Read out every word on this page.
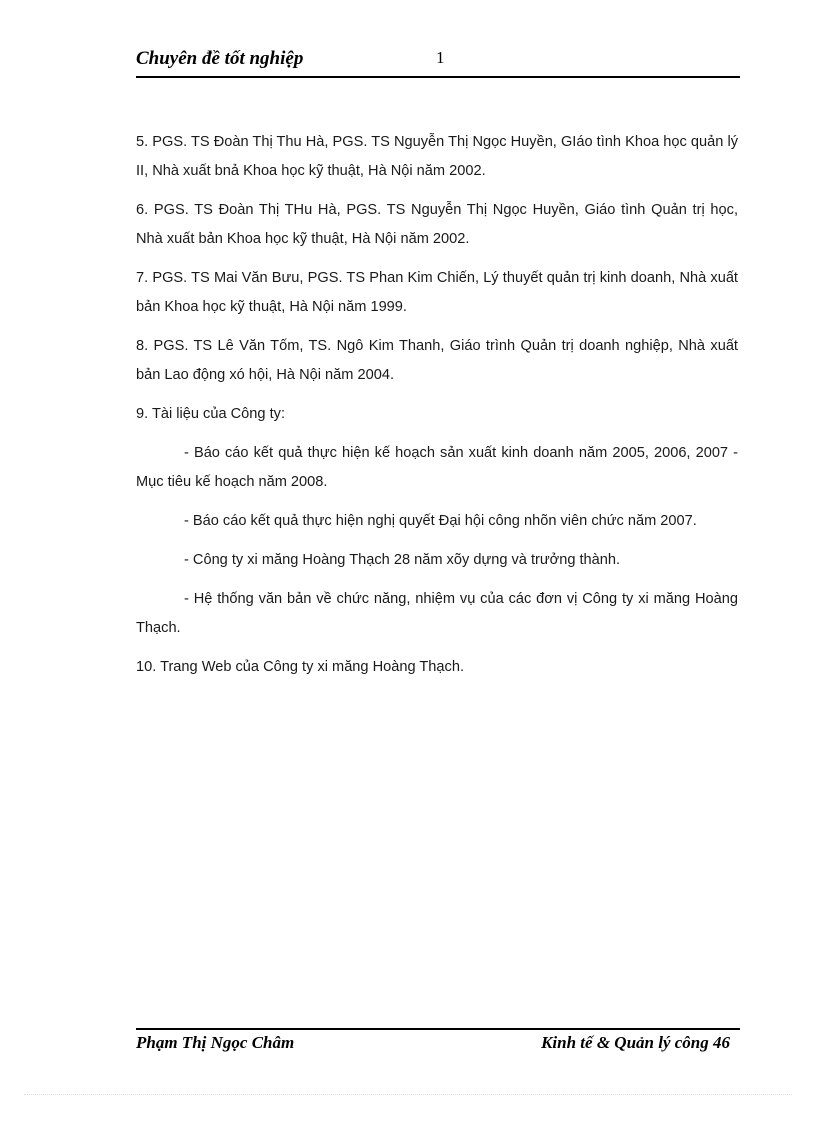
Chuyên đề tốt nghiệp	1

5. PGS. TS Đoàn Thị Thu Hà, PGS. TS Nguyễn Thị Ngọc Huyền, GIáo tình Khoa học quản lý II, Nhà xuất bnả Khoa học kỹ thuật, Hà Nội năm 2002.

6. PGS. TS Đoàn Thị THu Hà, PGS. TS Nguyễn Thị Ngọc Huyền, Giáo tình Quản trị học, Nhà xuất bản Khoa học kỹ thuật, Hà Nội năm 2002.

7. PGS. TS Mai Văn Bưu, PGS. TS Phan Kim Chiến, Lý thuyết quản trị kinh doanh, Nhà xuất bản Khoa học kỹ thuật, Hà Nội năm 1999.

8. PGS. TS Lê Văn Tốm, TS. Ngô Kim Thanh, Giáo trình Quản trị doanh nghiệp, Nhà xuất bản Lao động xó hội, Hà Nội năm 2004.

9. Tài liệu của Công ty:

- Báo cáo kết quả thực hiện kế hoạch sản xuất kinh doanh năm 2005, 2006, 2007 - Mục tiêu kế hoạch năm 2008.

- Báo cáo kết quả thực hiện nghị quyết Đại hội công nhõn viên chức năm 2007.

- Công ty xi măng Hoàng Thạch 28 năm xõy dựng và trưởng thành.

- Hệ thống văn bản về chức năng, nhiệm vụ của các đơn vị Công ty xi măng Hoàng Thạch.

10. Trang Web của Công ty xi măng Hoàng Thạch.

Phạm Thị Ngọc Châm	Kinh tế & Quản lý công 46
